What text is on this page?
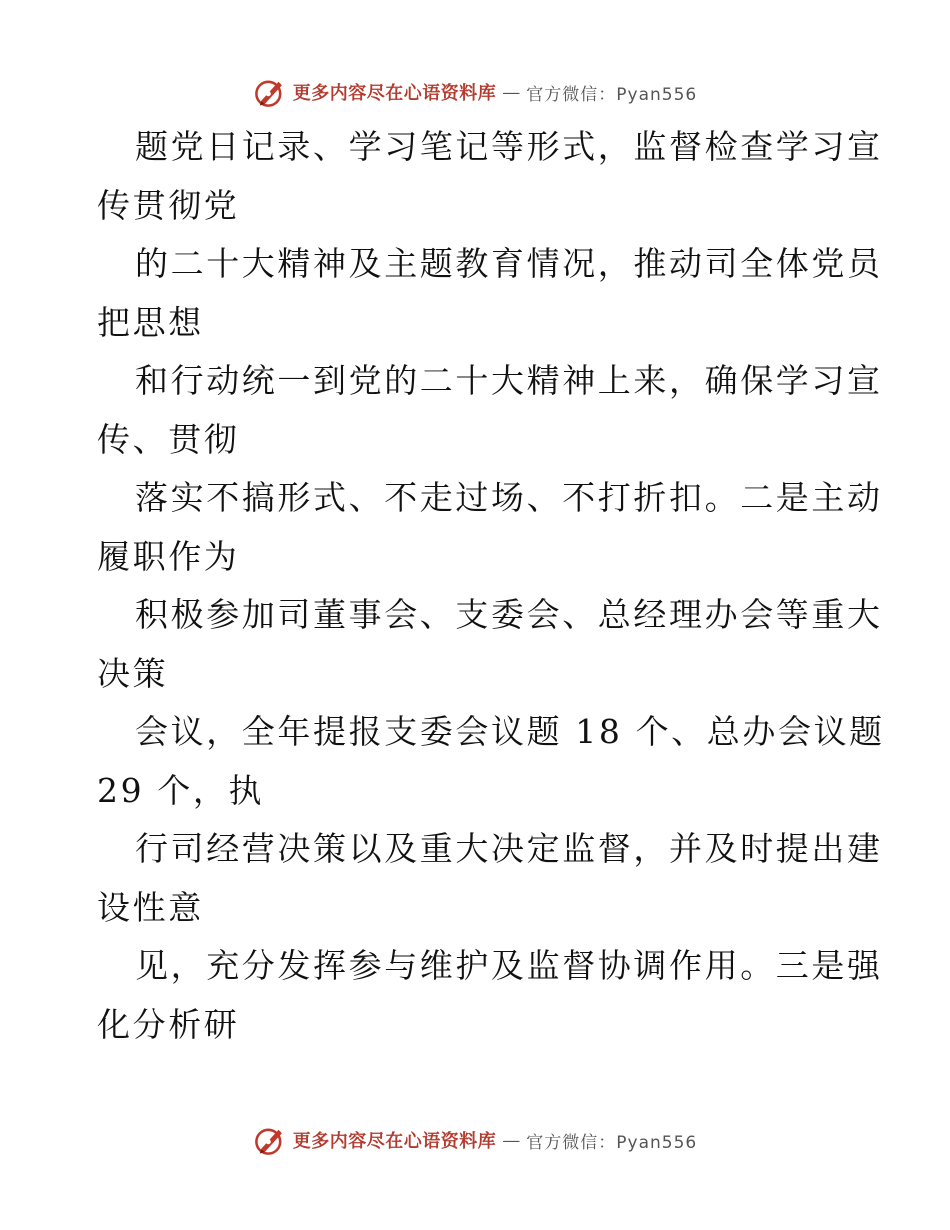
更多内容尽在心语资料库 — 官方微信：Pyan556
题党日记录、学习笔记等形式，监督检查学习宣
传贯彻党
的二十大精神及主题教育情况，推动司全体党员
把思想
和行动统一到党的二十大精神上来，确保学习宣
传、贯彻
落实不搞形式、不走过场、不打折扣。二是主动
履职作为
积极参加司董事会、支委会、总经理办会等重大
决策
会议，全年提报支委会议题 18 个、总办会议题
29 个，执
行司经营决策以及重大决定监督，并及时提出建
设性意
见，充分发挥参与维护及监督协调作用。三是强
化分析研
更多内容尽在心语资料库 — 官方微信：Pyan556
